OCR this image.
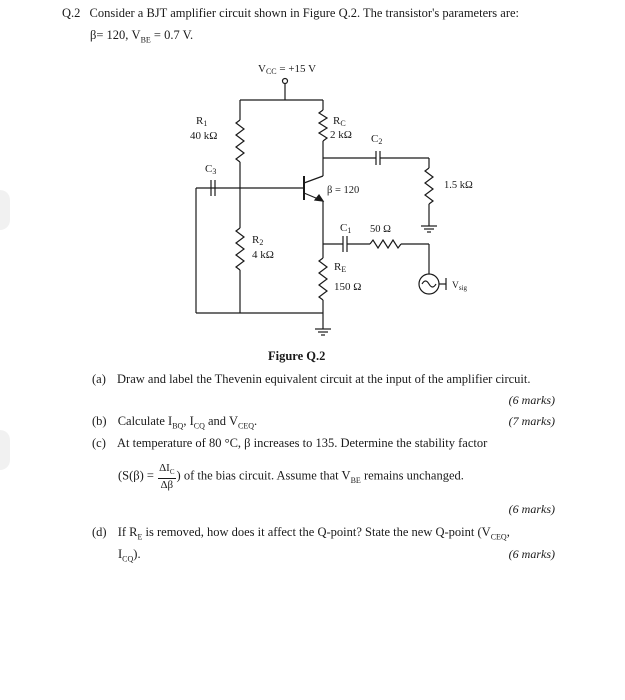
Q.2 Consider a BJT amplifier circuit shown in Figure Q.2. The transistor's parameters are:
β= 120, $V_{BE} = 0.7$ V.
VCC = +15 V
R1
40 kΩ
RC
2 kΩ C2
1.5 kΩ
C3
β = 120
R2
4 kΩ
C1 50 Ω
$V_{sig}$
RE
150 Ω
Figure Q.2
(a) Draw and label the Thevenin equivalent circuit at the input of the amplifier circuit.
(6 marks)
(b) Calculate $I_{BQ}$, $I_{CQ}$ and $V_{CEQ}$.	(7 marks)
(c) At temperature of 80 °C, β increases to 135. Determine the stability factor
(S(β) =
$\Delta I_C$
Δβ
) of the bias circuit. Assume that $V_{BE}$ remains unchanged.
(6 marks)
(d) If $R_E$ is removed, how does it affect the Q-point? State the new Q-point ($V_{CEQ}$,
$I_{CQ}$).	(6 marks)
